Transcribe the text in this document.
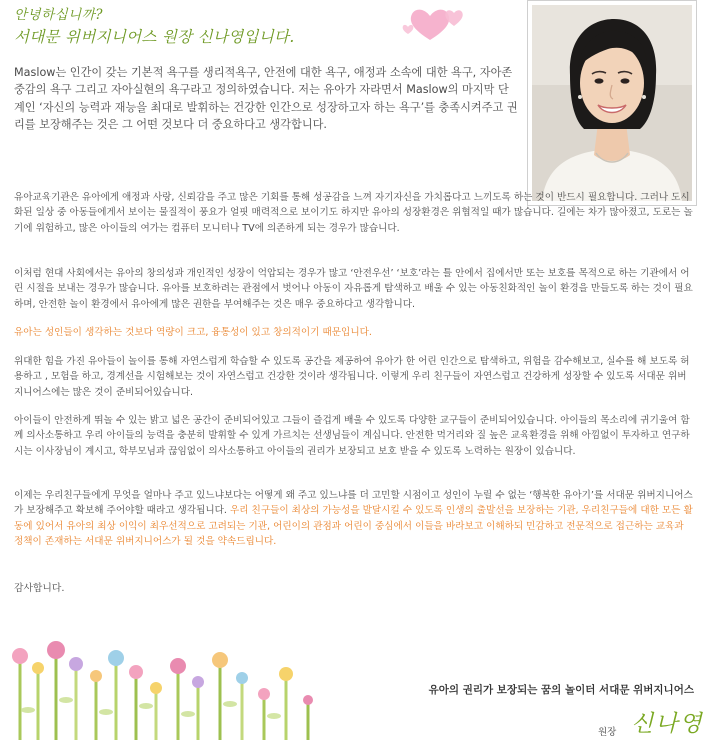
안녕하십니까?
서대문 위버지니어스 원장 신나영입니다.
Maslow는 인간이 갖는 기본적 욕구를 생리적욕구, 안전에 대한 욕구, 애정과 소속에 대한 욕구, 자아존중감의 욕구 그리고 자아실현의 욕구라고 정의하였습니다. 저는 유아가 자라면서 Maslow의 마지막 단계인 ‘자신의 능력과 재능을 최대로 발휘하는 건강한 인간으로 성장하고자 하는 욕구’를 충족시켜주고 권리를 보장해주는 것은 그 어떤 것보다 더 중요하다고 생각합니다.
유아교육기관은 유아에게 애정과 사랑, 신뢰감을 주고 많은 기회를 통해 성공감을 느껴 자기자신을 가치롭다고 느끼도록 하는 것이 반드시 필요합니다. 그러나 도시화된 일상 중 아동들에게서 보이는 물질적이 풍요가 얼핏 매력적으로 보이기도 하지만 유아의 성장환경은 위협적일 때가 많습니다. 길에는 차가 많아졌고, 도로는 놀기에 위험하고, 많은 아이들의 여가는 컴퓨터 모니터나 TV에 의존하게 되는 경우가 많습니다.
이처럼 현대 사회에서는 유아의 창의성과 개인적인 성장이 억압되는 경우가 많고 ‘안전우선’ ‘보호’라는 틀 안에서 집에서만 또는 보호를 목적으로 하는 기관에서 어린 시절을 보내는 경우가 많습니다. 유아를 보호하려는 관점에서 벗어나 아동이 자유롭게 탐색하고 배울 수 있는 아동친화적인 놀이 환경을 만들도록 하는 것이 필요하며, 안전한 놀이 환경에서 유아에게 많은 권한을 부여해주는 것은 매우 중요하다고 생각합니다.
유아는 성인들이 생각하는 것보다 역량이 크고, 융통성이 있고 창의적이기 때문입니다.
위대한 힘을 가진 유아들이 놀이를 통해 자연스럽게 학습할 수 있도록 공간을 제공하여 유아가 한 어린 인간으로 탐색하고, 위험을 감수해보고, 실수를 해 보도록 허용하고 , 모험을 하고, 경계선을 시험해보는 것이 자연스럽고 건강한 것이라 생각됩니다. 이렇게 우리 친구들이 자연스럽고 건강하게 성장할 수 있도록 서대문 위버지니어스에는 많은 것이 준비되어있습니다.
아이들이 안전하게 뛰놀 수 있는 밝고 넓은 공간이 준비되어있고 그들이 즐겁게 배울 수 있도록 다양한 교구들이 준비되어있습니다. 아이들의 목소리에 귀기울여 함께 의사소통하고 우리 아이들의 능력을 충분히 발휘할 수 있게 가르치는 선생님들이 계십니다. 안전한 먹거리와 질 높은 교육환경을 위해 아낌없이 투자하고 연구하시는 이사장님이 계시고, 학부모님과 끊임없이 의사소통하고 아이들의 권리가 보장되고 보호 받을 수 있도록 노력하는 원장이 있습니다.
이제는 우리친구들에게 무엇을 얼마나 주고 있느냐보다는 어떻게 왜 주고 있느냐를 더 고민할 시점이고 성인이 누릴 수 없는 ‘행복한 유아기’를 서대문 위버지니어스가 보장해주고 확보해 주어야할 때라고 생각됩니다. 우리 친구들이 최상의 가능성을 발달시킬 수 있도록 인생의 출발선을 보장하는 기관, 우리친구들에 대한 모든 활동에 있어서 유아의 최상 이익이 최우선적으로 고려되는 기관, 어린이의 관점과 어린이 중심에서 이들을 바라보고 이해하되 민감하고 전문적으로 접근하는 교육과 정책이 존재하는 서대문 위버지니어스가 될 것을 약속드립니다.
감사합니다.
유아의 권리가 보장되는 꿈의 놀이터 서대문 위버지니어스
원장 신나영
